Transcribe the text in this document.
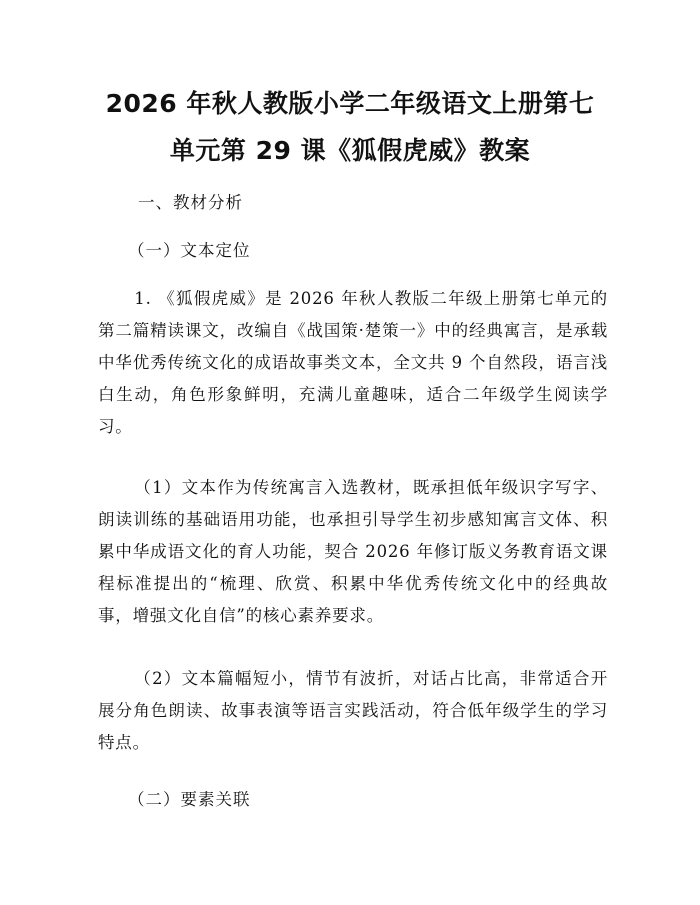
2026 年秋人教版小学二年级语文上册第七单元第 29 课《狐假虎威》教案

一、教材分析

（一）文本定位

1. 《狐假虎威》是 2026 年秋人教版二年级上册第七单元的第二篇精读课文，改编自《战国策·楚策一》中的经典寓言，是承载中华优秀传统文化的成语故事类文本，全文共 9 个自然段，语言浅白生动，角色形象鲜明，充满儿童趣味，适合二年级学生阅读学习。

（1）文本作为传统寓言入选教材，既承担低年级识字写字、朗读训练的基础语用功能，也承担引导学生初步感知寓言文体、积累中华成语文化的育人功能，契合 2026 年修订版义务教育语文课程标准提出的“梳理、欣赏、积累中华优秀传统文化中的经典故事，增强文化自信”的核心素养要求。

（2）文本篇幅短小，情节有波折，对话占比高，非常适合开展分角色朗读、故事表演等语言实践活动，符合低年级学生的学习特点。

（二）要素关联
